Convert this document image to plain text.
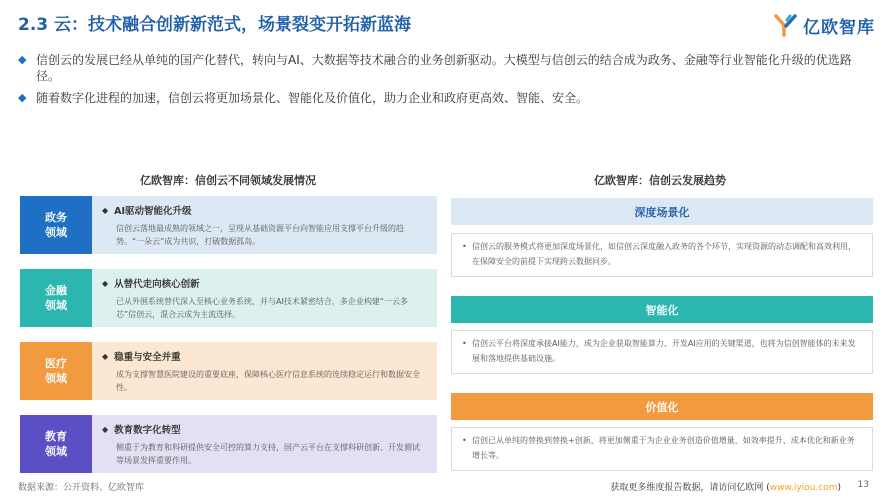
2.3 云：技术融合创新新范式，场景裂变开拓新蓝海	亿欧智库
◆ 信创云的发展已经从单纯的国产化替代，转向与AI、大数据等技术融合的业务创新驱动。大模型与信创云的结合成为政务、金融等行业智能化升级的优选路径。
◆ 随着数字化进程的加速，信创云将更加场景化、智能化及价值化，助力企业和政府更高效、智能、安全。
亿欧智库：信创云不同领域发展情况	亿欧智库：信创云发展趋势
政务
领域
◆ AI驱动智能化升级
信创云落地最成熟的领域之一，呈现从基础资源平台向智能应用支撑平台升级的趋势。“一朵云”成为共识，打破数据孤岛。
金融
领域
◆ 从替代走向核心创新
已从外围系统替代深入至核心业务系统，并与AI技术紧密结合，多企业构建“一云多芯”信创云，混合云成为主流选择。
医疗
领域
◆ 稳重与安全并重
成为支撑智慧医院建设的重要底座，保障核心医疗信息系统的连续稳定运行和数据安全性。
教育
领域
◆ 教育数字化转型
侧重于为教育和科研提供安全可控的算力支持，国产云平台在支撑科研创新、开发测试等场景发挥重要作用。
深度场景化
• 信创云的服务模式将更加深度场景化，如信创云深度融入政务的各个环节，实现资源的动态调配和高效利用，在保障安全的前提下实现跨云数据同步。
智能化
• 信创云平台将深度承接AI能力，成为企业获取智能算力、开发AI应用的关键渠道，也将为信创智能体的未来发展和落地提供基础设施。
价值化
• 信创已从单纯的替换到替换+创新，将更加侧重于为企业业务创造价值增量，如效率提升、成本优化和新业务增长等。
数据来源：公开资料、亿欧智库	获取更多维度报告数据，请访问亿欧网 (www.iyiou.com) 13
